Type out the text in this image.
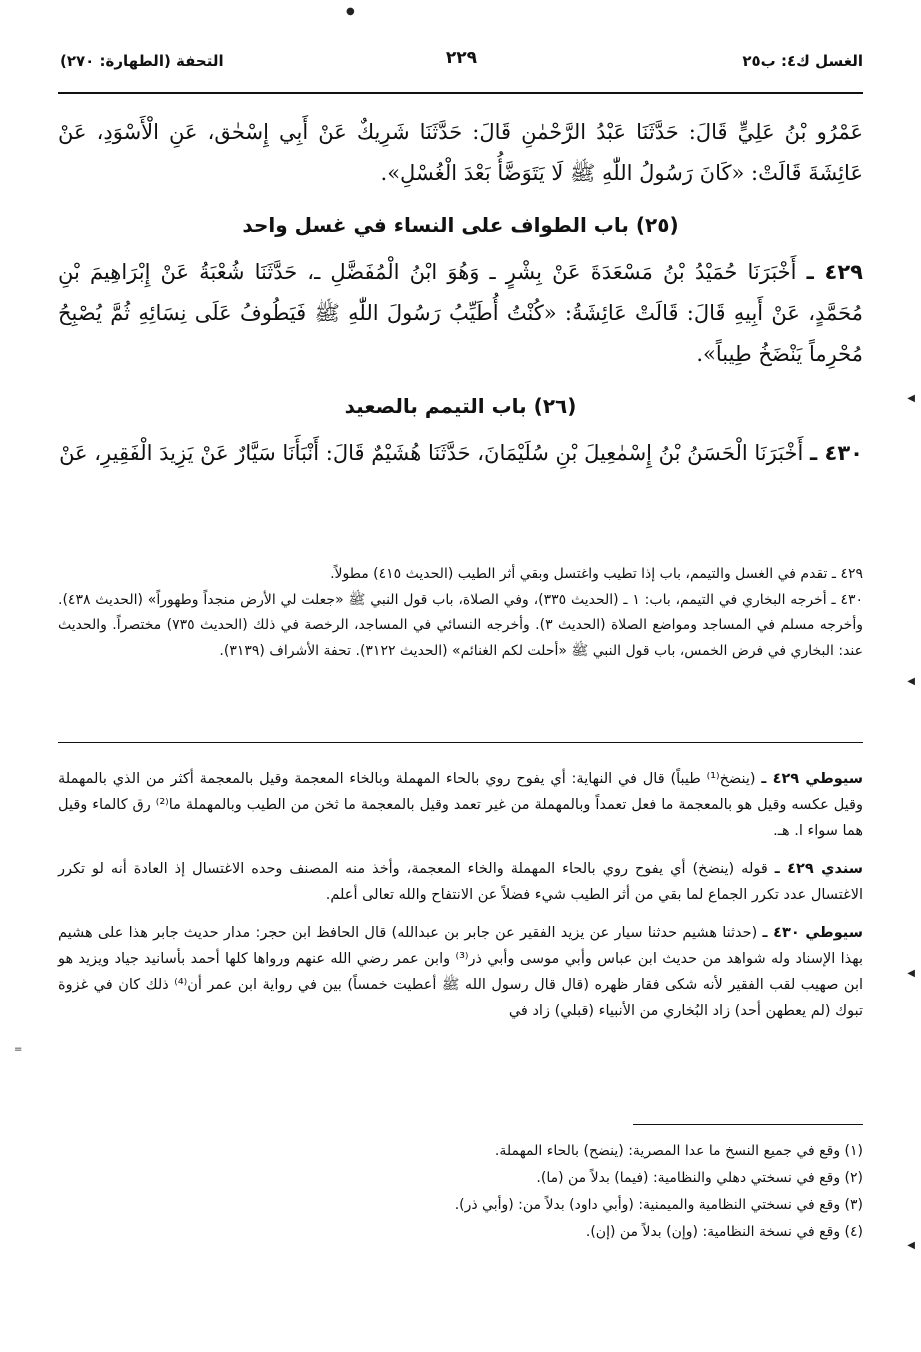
الغسل ك٤: ب٢٥
٢٢٩
التحفة (الطهارة: ٢٧٠)

عَمْرُو بْنُ عَلِيٍّ قَالَ: حَدَّثَنَا عَبْدُ الرَّحْمٰنِ قَالَ: حَدَّثَنَا شَرِيكٌ عَنْ أَبِي إِسْحٰق، عَنِ الْأَسْوَدِ، عَنْ عَائِشَةَ قَالَتْ: «كَانَ رَسُولُ اللّٰهِ ﷺ لَا يَتَوَضَّأُ بَعْدَ الْغُسْلِ».

(٢٥) باب الطواف على النساء في غسل واحد

٤٢٩ ـ أَخْبَرَنَا حُمَيْدُ بْنُ مَسْعَدَةَ عَنْ بِشْرٍ ـ وَهُوَ ابْنُ الْمُفَضَّلِ ـ، حَدَّثَنَا شُعْبَةُ عَنْ إِبْرَاهِيمَ بْنِ مُحَمَّدٍ، عَنْ أَبِيهِ قَالَ: قَالَتْ عَائِشَةُ: «كُنْتُ أُطَيِّبُ رَسُولَ اللّٰهِ ﷺ فَيَطُوفُ عَلَى نِسَائِهِ ثُمَّ يُصْبِحُ مُحْرِماً يَنْضَخُ طِيباً».

(٢٦) باب التيمم بالصعيد

٤٣٠ ـ أَخْبَرَنَا الْحَسَنُ بْنُ إِسْمٰعِيلَ بْنِ سُلَيْمَانَ، حَدَّثَنَا هُشَيْمٌ قَالَ: أَنْبَأَنَا سَيَّارٌ عَنْ يَزِيدَ الْفَقِيرِ، عَنْ

٤٢٩ ـ تقدم في الغسل والتيمم، باب إذا تطيب واغتسل وبقي أثر الطيب (الحديث ٤١٥) مطولاً.

٤٣٠ ـ أخرجه البخاري في التيمم، باب: ١ ـ (الحديث ٣٣٥)، وفي الصلاة، باب قول النبي ﷺ «جعلت لي الأرض منجداً وطهوراً» (الحديث ٤٣٨). وأخرجه مسلم في المساجد ومواضع الصلاة (الحديث ٣). وأخرجه النسائي في المساجد، الرخصة في ذلك (الحديث ٧٣٥) مختصراً. والحديث عند: البخاري في فرض الخمس، باب قول النبي ﷺ «أحلت لكم الغنائم» (الحديث ٣١٢٢). تحفة الأشراف (٣١٣٩).

سيوطي ٤٢٩ ـ (ينضخ⁽¹⁾ طيباً) قال في النهاية: أي يفوح روي بالحاء المهملة وبالخاء المعجمة وقيل بالمعجمة أكثر من الذي بالمهملة وقيل عكسه وقيل هو بالمعجمة ما فعل تعمداً وبالمهملة من غير تعمد وقيل بالمعجمة ما ثخن من الطيب وبالمهملة ما⁽²⁾ رق كالماء وقيل هما سواء ا. هـ.

سندي ٤٢٩ ـ قوله (ينضخ) أي يفوح روي بالحاء المهملة والخاء المعجمة، وأخذ منه المصنف وحده الاغتسال إذ العادة أنه لو تكرر الاغتسال عدد تكرر الجماع لما بقي من أثر الطيب شيء فضلاً عن الانتفاح والله تعالى أعلم.

سيوطي ٤٣٠ ـ (حدثنا هشيم حدثنا سيار عن يزيد الفقير عن جابر بن عبدالله) قال الحافظ ابن حجر: مدار حديث جابر هذا على هشيم بهذا الإسناد وله شواهد من حديث ابن عباس وأبي موسى وأبي ذر⁽³⁾ وابن عمر رضي الله عنهم ورواها كلها أحمد بأسانيد جياد ويزيد هو ابن صهيب لقب الفقير لأنه شكى فقار ظهره (قال قال رسول الله ﷺ أعطيت خمساً) بين في رواية ابن عمر أن⁽⁴⁾ ذلك كان في غزوة تبوك (لم يعطهن أحد) زاد البُخاري من الأنبياء (قبلي) زاد في

(١) وقع في جميع النسخ ما عدا المصرية: (ينضح) بالحاء المهملة.

(٢) وقع في نسختي دهلي والنظامية: (فيما) بدلاً من (ما).

(٣) وقع في نسختي النظامية والميمنية: (وأبي داود) بدلاً من: (وأبي ذر).

(٤) وقع في نسخة النظامية: (وإن) بدلاً من (إن).

●
◀
◀
◀
◀
=
